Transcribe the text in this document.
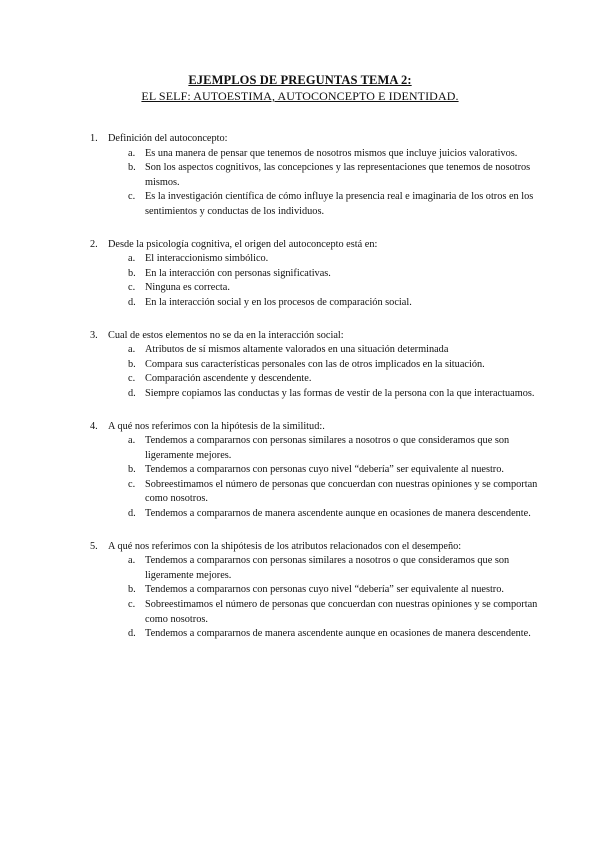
EJEMPLOS DE PREGUNTAS TEMA 2:
EL SELF: AUTOESTIMA, AUTOCONCEPTO E IDENTIDAD.
1. Definición del autoconcepto:
a. Es una manera de pensar que tenemos de nosotros mismos que incluye juicios valorativos.
b. Son los aspectos cognitivos, las concepciones y las representaciones que tenemos de nosotros mismos.
c. Es la investigación científica de cómo influye la presencia real e imaginaria de los otros en los sentimientos y conductas de los individuos.
2. Desde la psicología cognitiva, el origen del autoconcepto está en:
a. El interaccionismo simbólico.
b. En la interacción con personas significativas.
c. Ninguna es correcta.
d. En la interacción social y en los procesos de comparación social.
3. Cual de estos elementos no se da en la interacción social:
a. Atributos de sí mismos altamente valorados en una situación determinada
b. Compara sus características personales con las de otros implicados en la situación.
c. Comparación ascendente y descendente.
d. Siempre copiamos las conductas y las formas de vestir de la persona con la que interactuamos.
4. A qué nos referimos con la hipótesis de la similitud:.
a. Tendemos a compararnos con personas similares a nosotros o que consideramos que son ligeramente mejores.
b. Tendemos a compararnos con personas cuyo nivel “debería” ser equivalente al nuestro.
c. Sobreestimamos el número de personas que concuerdan con nuestras opiniones y se comportan como nosotros.
d. Tendemos a compararnos de manera ascendente aunque en ocasiones de manera descendente.
5. A qué nos referimos con la shipótesis de los atributos relacionados con el desempeño:
a. Tendemos a compararnos con personas similares a nosotros o que consideramos que son ligeramente mejores.
b. Tendemos a compararnos con personas cuyo nivel “debería” ser equivalente al nuestro.
c. Sobreestimamos el número de personas que concuerdan con nuestras opiniones y se comportan como nosotros.
d. Tendemos a compararnos de manera ascendente aunque en ocasiones de manera descendente.
